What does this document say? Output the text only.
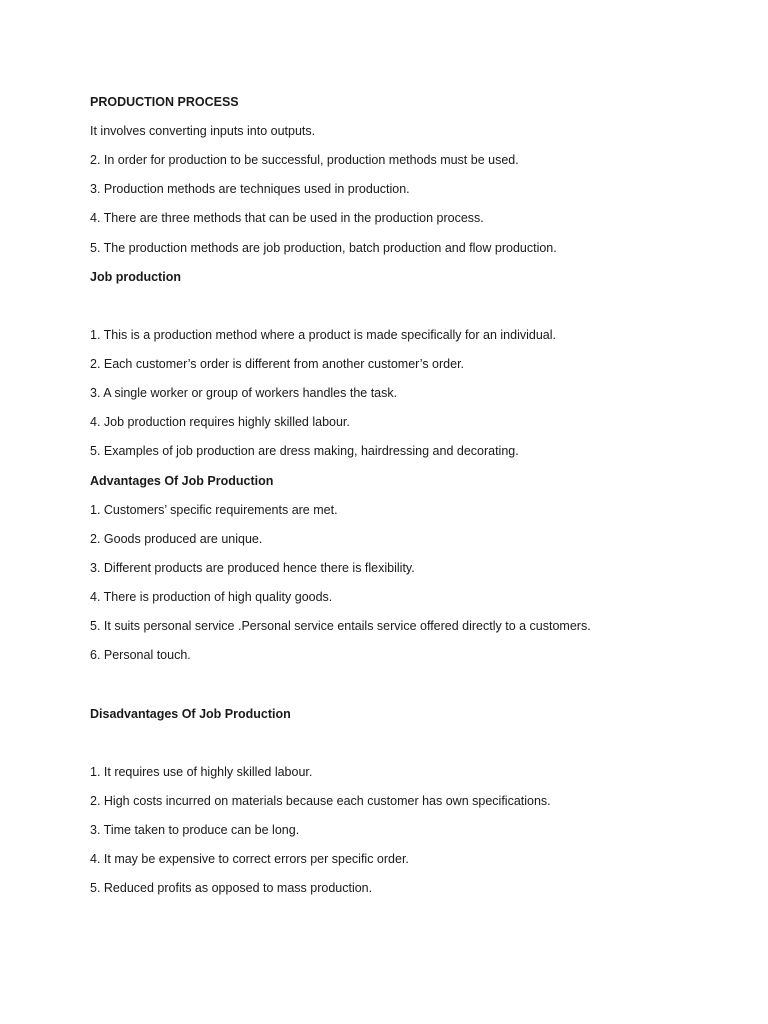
PRODUCTION PROCESS
It involves converting inputs into outputs.
2. In order for production to be successful, production methods must be used.
3. Production methods are techniques used in production.
4. There are three methods that can be used in the production process.
5. The production methods are job production, batch production and flow production.
Job production
1. This is a production method where a product is made specifically for an individual.
2. Each customer’s order is different from another customer’s order.
3. A single worker or group of workers handles the task.
4. Job production requires highly skilled labour.
5. Examples of job production are dress making, hairdressing and decorating.
Advantages Of Job Production
1. Customers’ specific requirements are met.
2. Goods produced are unique.
3. Different products are produced hence there is flexibility.
4. There is production of high quality goods.
5. It suits personal service .Personal service entails service offered directly to a customers.
6. Personal touch.
Disadvantages Of Job Production
1. It requires use of highly skilled labour.
2. High costs incurred on materials because each customer has own specifications.
3. Time taken to produce can be long.
4. It may be expensive to correct errors per specific order.
5. Reduced profits as opposed to mass production.
